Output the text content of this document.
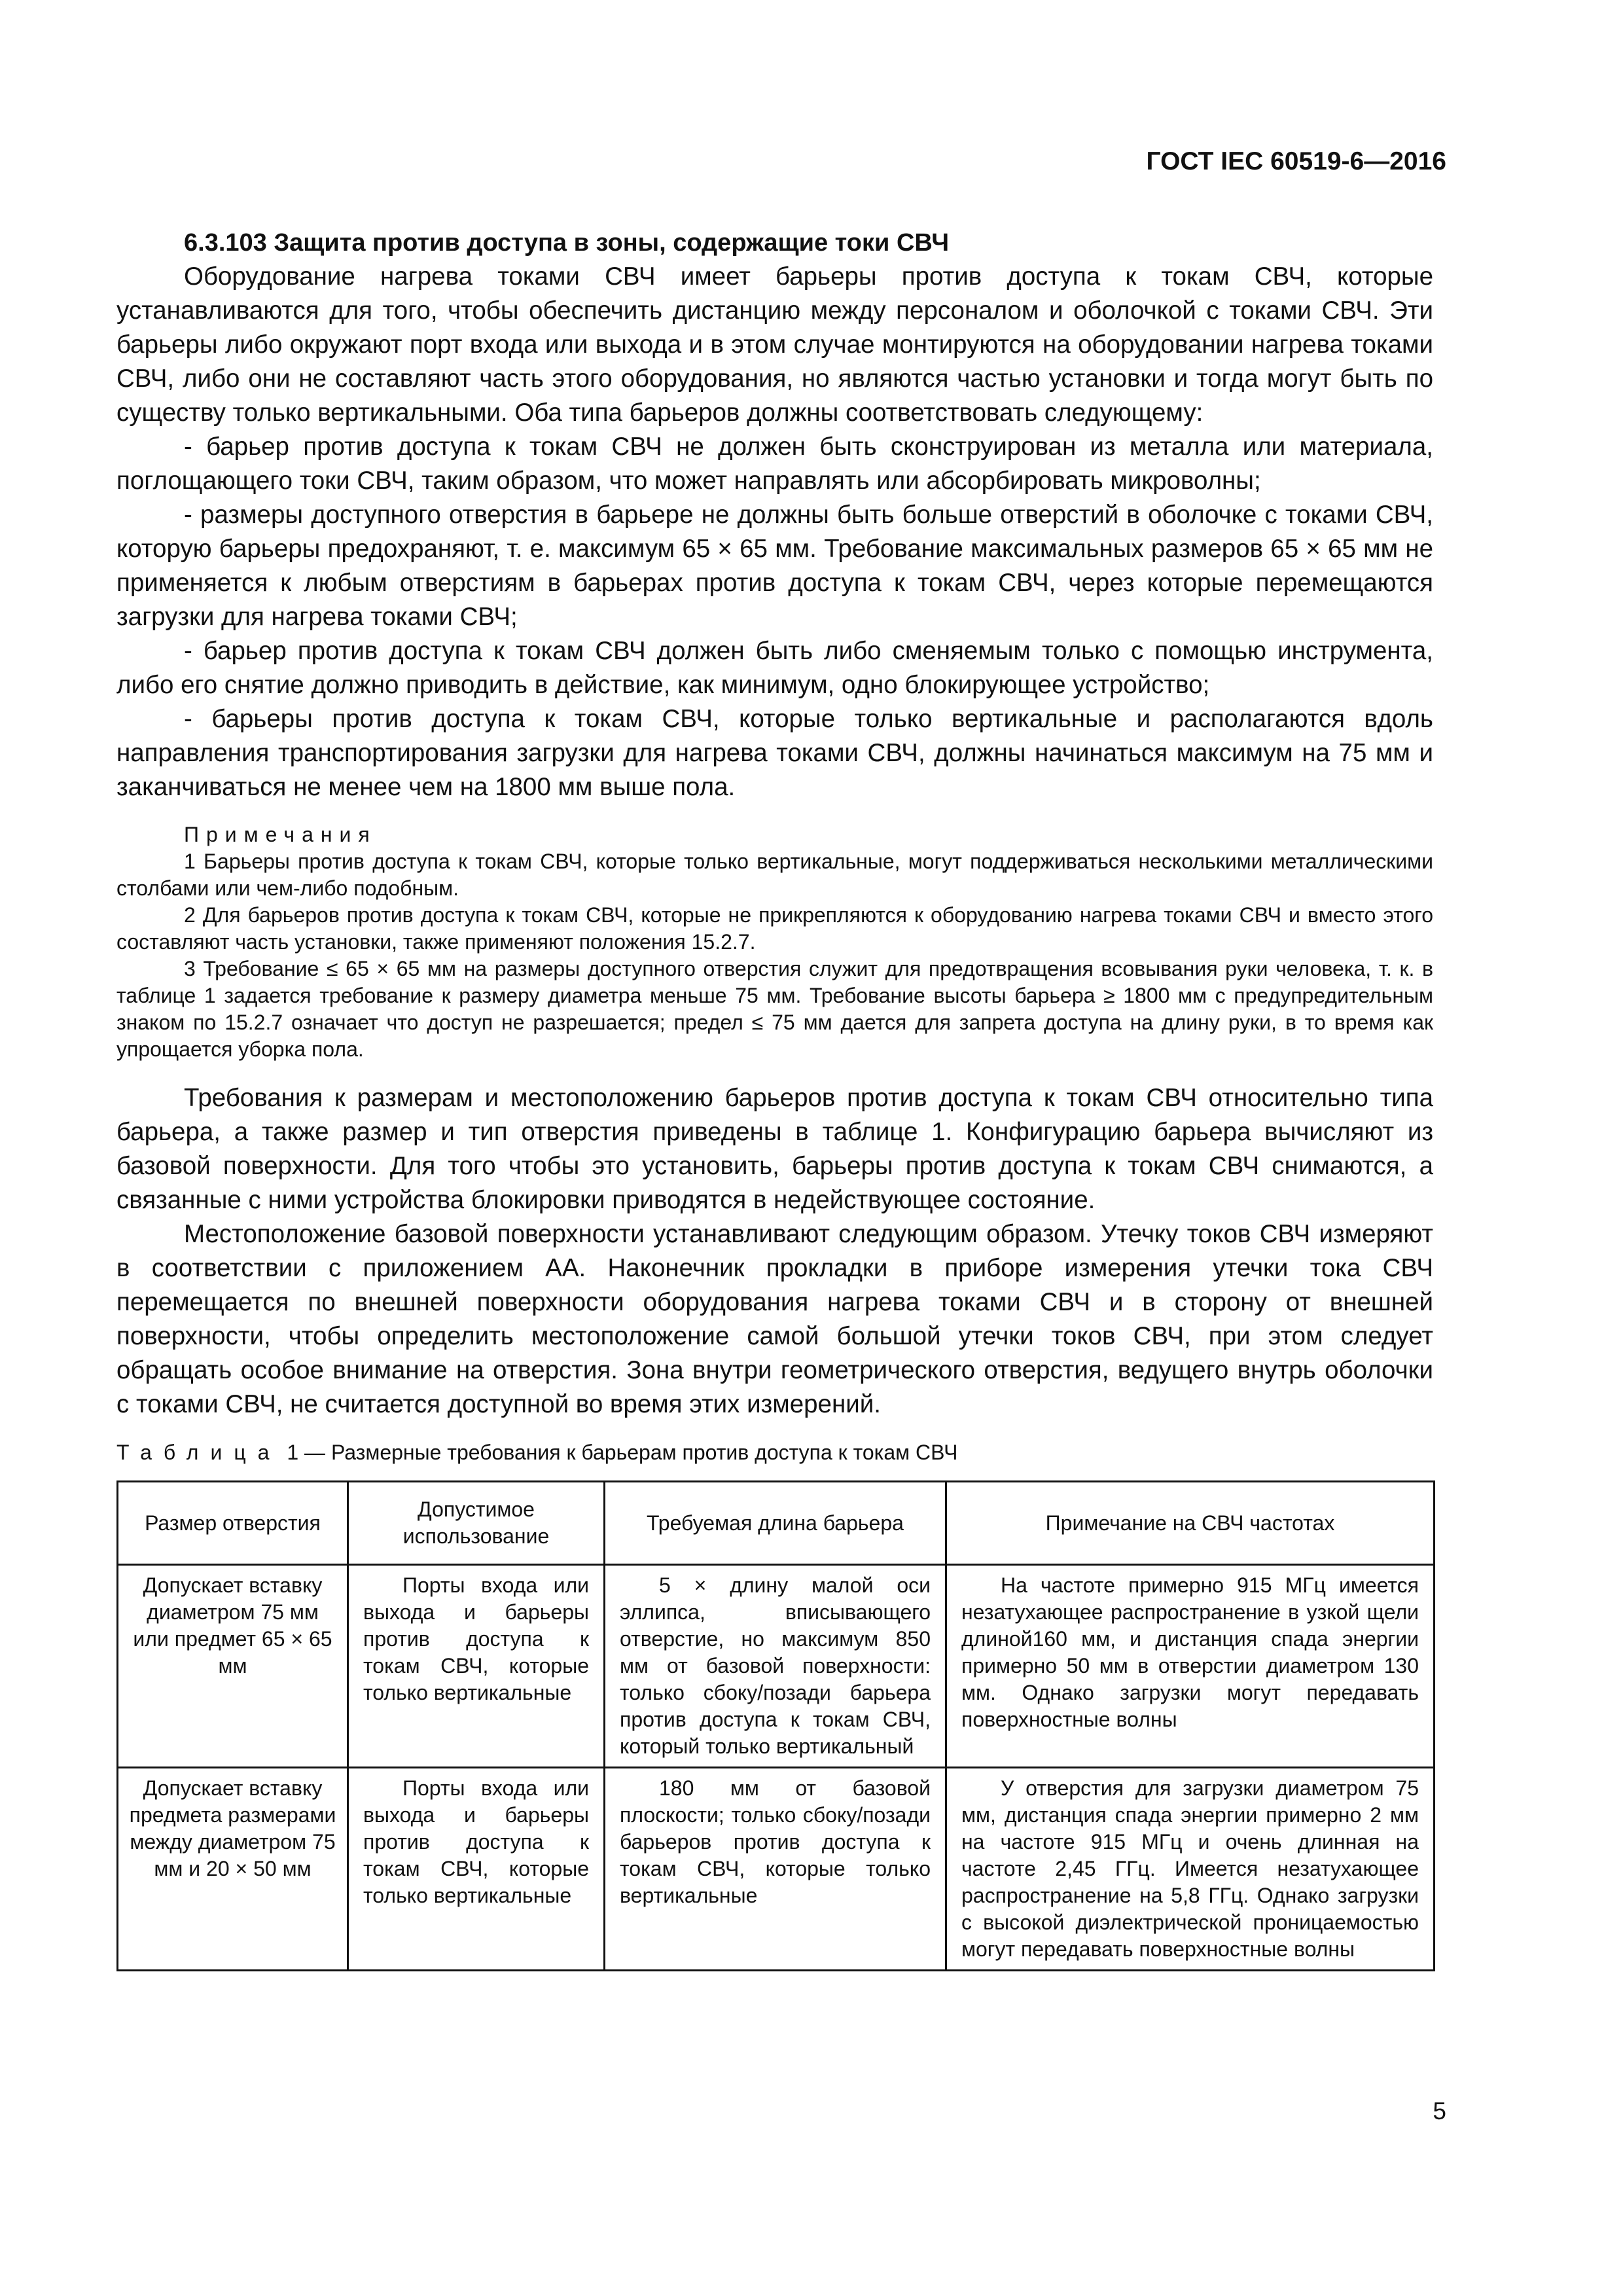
ГОСТ IEC 60519-6—2016

6.3.103 Защита против доступа в зоны, содержащие токи СВЧ

Оборудование нагрева токами СВЧ имеет барьеры против доступа к токам СВЧ, которые устанавливаются для того, чтобы обеспечить дистанцию между персоналом и оболочкой с токами СВЧ. Эти барьеры либо окружают порт входа или выхода и в этом случае монтируются на оборудовании нагрева токами СВЧ, либо они не составляют часть этого оборудования, но являются частью установки и тогда могут быть по существу только вертикальными. Оба типа барьеров должны соответствовать следующему:

- барьер против доступа к токам СВЧ не должен быть сконструирован из металла или материала, поглощающего токи СВЧ, таким образом, что может направлять или абсорбировать микроволны;

- размеры доступного отверстия в барьере не должны быть больше отверстий в оболочке с токами СВЧ, которую барьеры предохраняют, т. е. максимум 65 × 65 мм. Требование максимальных размеров 65 × 65 мм не применяется к любым отверстиям в барьерах против доступа к токам СВЧ, через которые перемещаются загрузки для нагрева токами СВЧ;

- барьер против доступа к токам СВЧ должен быть либо сменяемым только с помощью инструмента, либо его снятие должно приводить в действие, как минимум, одно блокирующее устройство;

- барьеры против доступа к токам СВЧ, которые только вертикальные и располагаются вдоль направления транспортирования загрузки для нагрева токами СВЧ, должны начинаться максимум на 75 мм и заканчиваться не менее чем на 1800 мм выше пола.

Примечания

1 Барьеры против доступа к токам СВЧ, которые только вертикальные, могут поддерживаться несколькими металлическими столбами или чем-либо подобным.

2 Для барьеров против доступа к токам СВЧ, которые не прикрепляются к оборудованию нагрева токами СВЧ и вместо этого составляют часть установки, также применяют положения 15.2.7.

3 Требование ≤ 65 × 65 мм на размеры доступного отверстия служит для предотвращения всовывания руки человека, т. к. в таблице 1 задается требование к размеру диаметра меньше 75 мм. Требование высоты барьера ≥ 1800 мм с предупредительным знаком по 15.2.7 означает что доступ не разрешается; предел ≤ 75 мм дается для запрета доступа на длину руки, в то время как упрощается уборка пола.

Требования к размерам и местоположению барьеров против доступа к токам СВЧ относительно типа барьера, а также размер и тип отверстия приведены в таблице 1. Конфигурацию барьера вычисляют из базовой поверхности. Для того чтобы это установить, барьеры против доступа к токам СВЧ снимаются, а связанные с ними устройства блокировки приводятся в недействующее состояние.

Местоположение базовой поверхности устанавливают следующим образом. Утечку токов СВЧ измеряют в соответствии с приложением АА. Наконечник прокладки в приборе измерения утечки тока СВЧ перемещается по внешней поверхности оборудования нагрева токами СВЧ и в сторону от внешней поверхности, чтобы определить местоположение самой большой утечки токов СВЧ, при этом следует обращать особое внимание на отверстия. Зона внутри геометрического отверстия, ведущего внутрь оболочки с токами СВЧ, не считается доступной во время этих измерений.

Таблица 1 — Размерные требования к барьерам против доступа к токам СВЧ
Размер отверстия	Допустимое использование	Требуемая длина барьера	Примечание на СВЧ частотах
Допускает вставку диаметром 75 мм или предмет 65 × 65 мм	Порты входа или выхода и барьеры против доступа к токам СВЧ, которые только вертикальные	5 × длину малой оси эллипса, вписывающего отверстие, но максимум 850 мм от базовой поверхности: только сбоку/позади барьера против доступа к токам СВЧ, который только вертикальный	На частоте примерно 915 МГц имеется незатухающее распространение в узкой щели длиной160 мм, и дистанция спада энергии примерно 50 мм в отверстии диаметром 130 мм. Однако загрузки могут передавать поверхностные волны
Допускает вставку предмета размерами между диаметром 75 мм и 20 × 50 мм	Порты входа или выхода и барьеры против доступа к токам СВЧ, которые только вертикальные	180 мм от базовой плоскости; только сбоку/позади барьеров против доступа к токам СВЧ, которые только вертикальные	У отверстия для загрузки диаметром 75 мм, дистанция спада энергии примерно 2 мм на частоте 915 МГц и очень длинная на частоте 2,45 ГГц. Имеется незатухающее распространение на 5,8 ГГц. Однако загрузки с высокой диэлектрической проницаемостью могут передавать поверхностные волны
5
